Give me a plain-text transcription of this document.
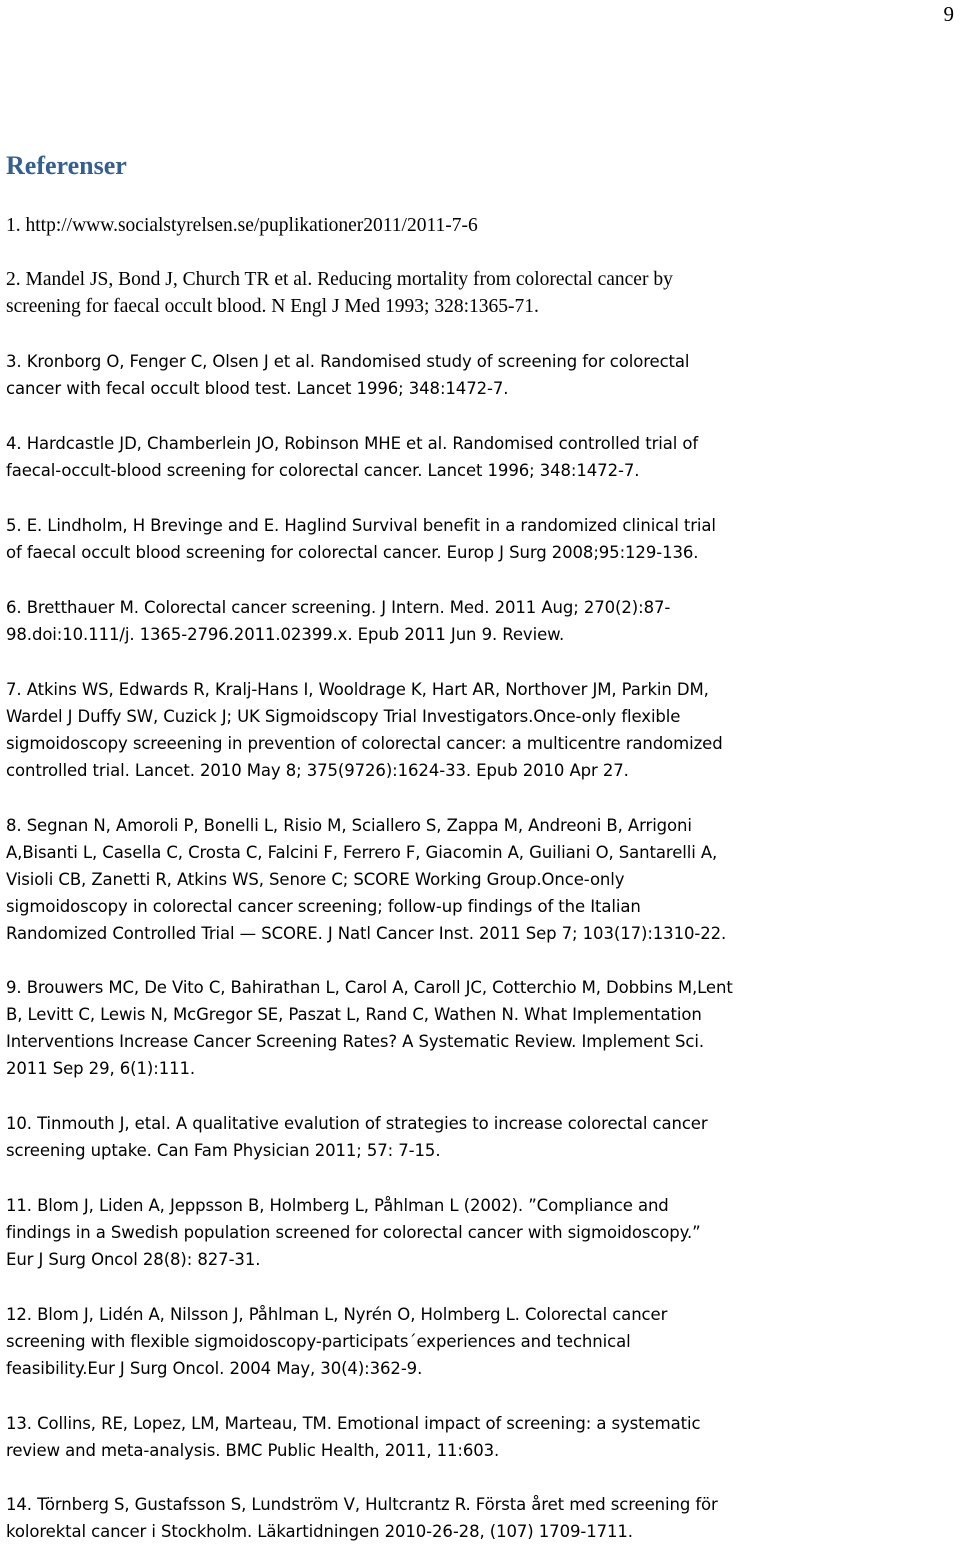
9
Referenser

1. http://www.socialstyrelsen.se/puplikationer2011/2011-7-6

2. Mandel JS, Bond J, Church TR et al. Reducing mortality from colorectal cancer by
screening for faecal occult blood. N Engl J Med 1993; 328:1365-71.

3. Kronborg O, Fenger C, Olsen J et al. Randomised study of screening for colorectal
cancer with fecal occult blood test. Lancet 1996; 348:1472-7.

4. Hardcastle JD, Chamberlein JO, Robinson MHE et al. Randomised controlled trial of
faecal-occult-blood screening for colorectal cancer. Lancet 1996; 348:1472-7.

5. E. Lindholm, H Brevinge and E. Haglind Survival benefit in a randomized clinical trial
of faecal occult blood screening for colorectal cancer. Europ J Surg 2008;95:129-136.

6. Bretthauer M. Colorectal cancer screening. J Intern. Med. 2011 Aug; 270(2):87-
98.doi:10.111/j. 1365-2796.2011.02399.x. Epub 2011 Jun 9. Review.

7. Atkins WS, Edwards R, Kralj-Hans I, Wooldrage K, Hart AR, Northover JM, Parkin DM,
Wardel J Duffy SW, Cuzick J; UK Sigmoidscopy Trial Investigators.Once-only flexible
sigmoidoscopy screeening in prevention of colorectal cancer: a multicentre randomized
controlled trial. Lancet. 2010 May 8; 375(9726):1624-33. Epub 2010 Apr 27.

8. Segnan N, Amoroli P, Bonelli L, Risio M, Sciallero S, Zappa M, Andreoni B, Arrigoni
A,Bisanti L, Casella C, Crosta C, Falcini F, Ferrero F, Giacomin A, Guiliani O, Santarelli A,
Visioli CB, Zanetti R, Atkins WS, Senore C; SCORE Working Group.Once-only
sigmoidoscopy in colorectal cancer screening; follow-up findings of the Italian
Randomized Controlled Trial — SCORE. J Natl Cancer Inst. 2011 Sep 7; 103(17):1310-22.

9. Brouwers MC, De Vito C, Bahirathan L, Carol A, Caroll JC, Cotterchio M, Dobbins M,Lent
B, Levitt C, Lewis N, McGregor SE, Paszat L, Rand C, Wathen N. What Implementation
Interventions Increase Cancer Screening Rates? A Systematic Review. Implement Sci.
2011 Sep 29, 6(1):111.

10. Tinmouth J, etal. A qualitative evalution of strategies to increase colorectal cancer
screening uptake. Can Fam Physician 2011; 57: 7-15.

11. Blom J, Liden A, Jeppsson B, Holmberg L, Påhlman L (2002). ”Compliance and
findings in a Swedish population screened for colorectal cancer with sigmoidoscopy.”
Eur J Surg Oncol 28(8): 827-31.

12. Blom J, Lidén A, Nilsson J, Påhlman L, Nyrén O, Holmberg L. Colorectal cancer
screening with flexible sigmoidoscopy-participats´experiences and technical
feasibility.Eur J Surg Oncol. 2004 May, 30(4):362-9.

13. Collins, RE, Lopez, LM, Marteau, TM. Emotional impact of screening: a systematic
review and meta-analysis. BMC Public Health, 2011, 11:603.

14. Törnberg S, Gustafsson S, Lundström V, Hultcrantz R. Första året med screening för
kolorektal cancer i Stockholm. Läkartidningen 2010-26-28, (107) 1709-1711.
